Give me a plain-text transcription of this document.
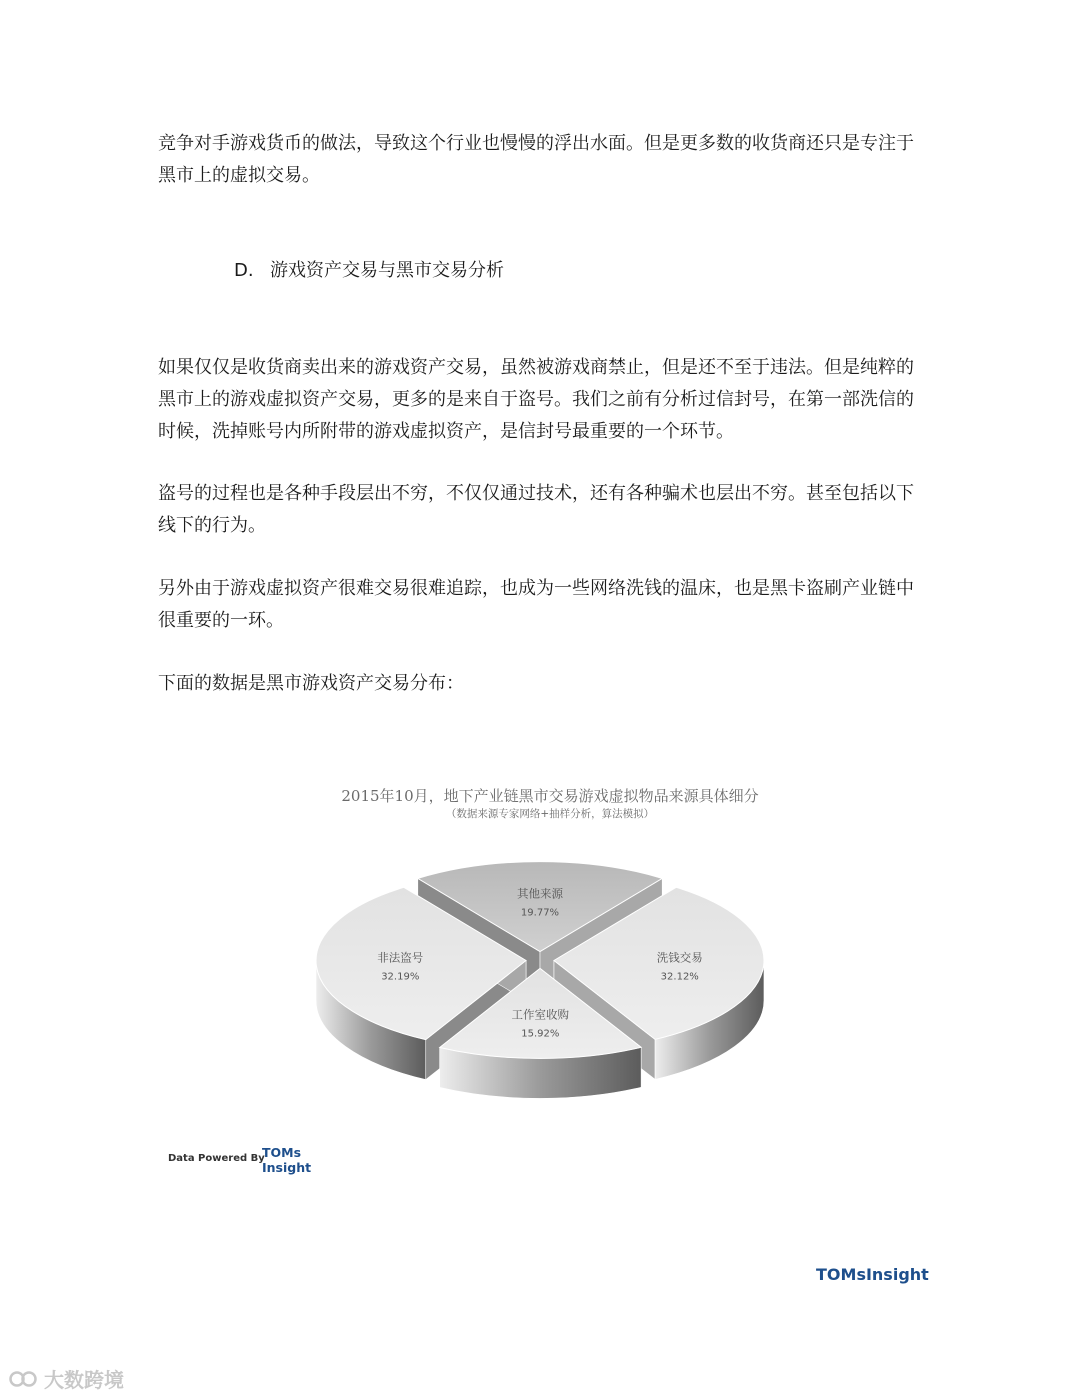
竞争对手游戏货币的做法，导致这个行业也慢慢的浮出水面。但是更多数的收货商还只是专注于黑市上的虚拟交易。

D. 游戏资产交易与黑市交易分析

如果仅仅是收货商卖出来的游戏资产交易，虽然被游戏商禁止，但是还不至于违法。但是纯粹的黑市上的游戏虚拟资产交易，更多的是来自于盗号。我们之前有分析过信封号，在第一部洗信的时候，洗掉账号内所附带的游戏虚拟资产，是信封号最重要的一个环节。

盗号的过程也是各种手段层出不穷，不仅仅通过技术，还有各种骗术也层出不穷。甚至包括以下线下的行为。

另外由于游戏虚拟资产很难交易很难追踪，也成为一些网络洗钱的温床，也是黑卡盗刷产业链中很重要的一环。

下面的数据是黑市游戏资产交易分布：

2015年10月，地下产业链黑市交易游戏虚拟物品来源具体细分
（数据来源专家网络+抽样分析，算法模拟）
其他来源
19.77%
洗钱交易
32.12%
工作室收购
15.92%
非法盗号
32.19%
Data Powered By
TOMs
Insight
TOMsInsight
大数跨境
